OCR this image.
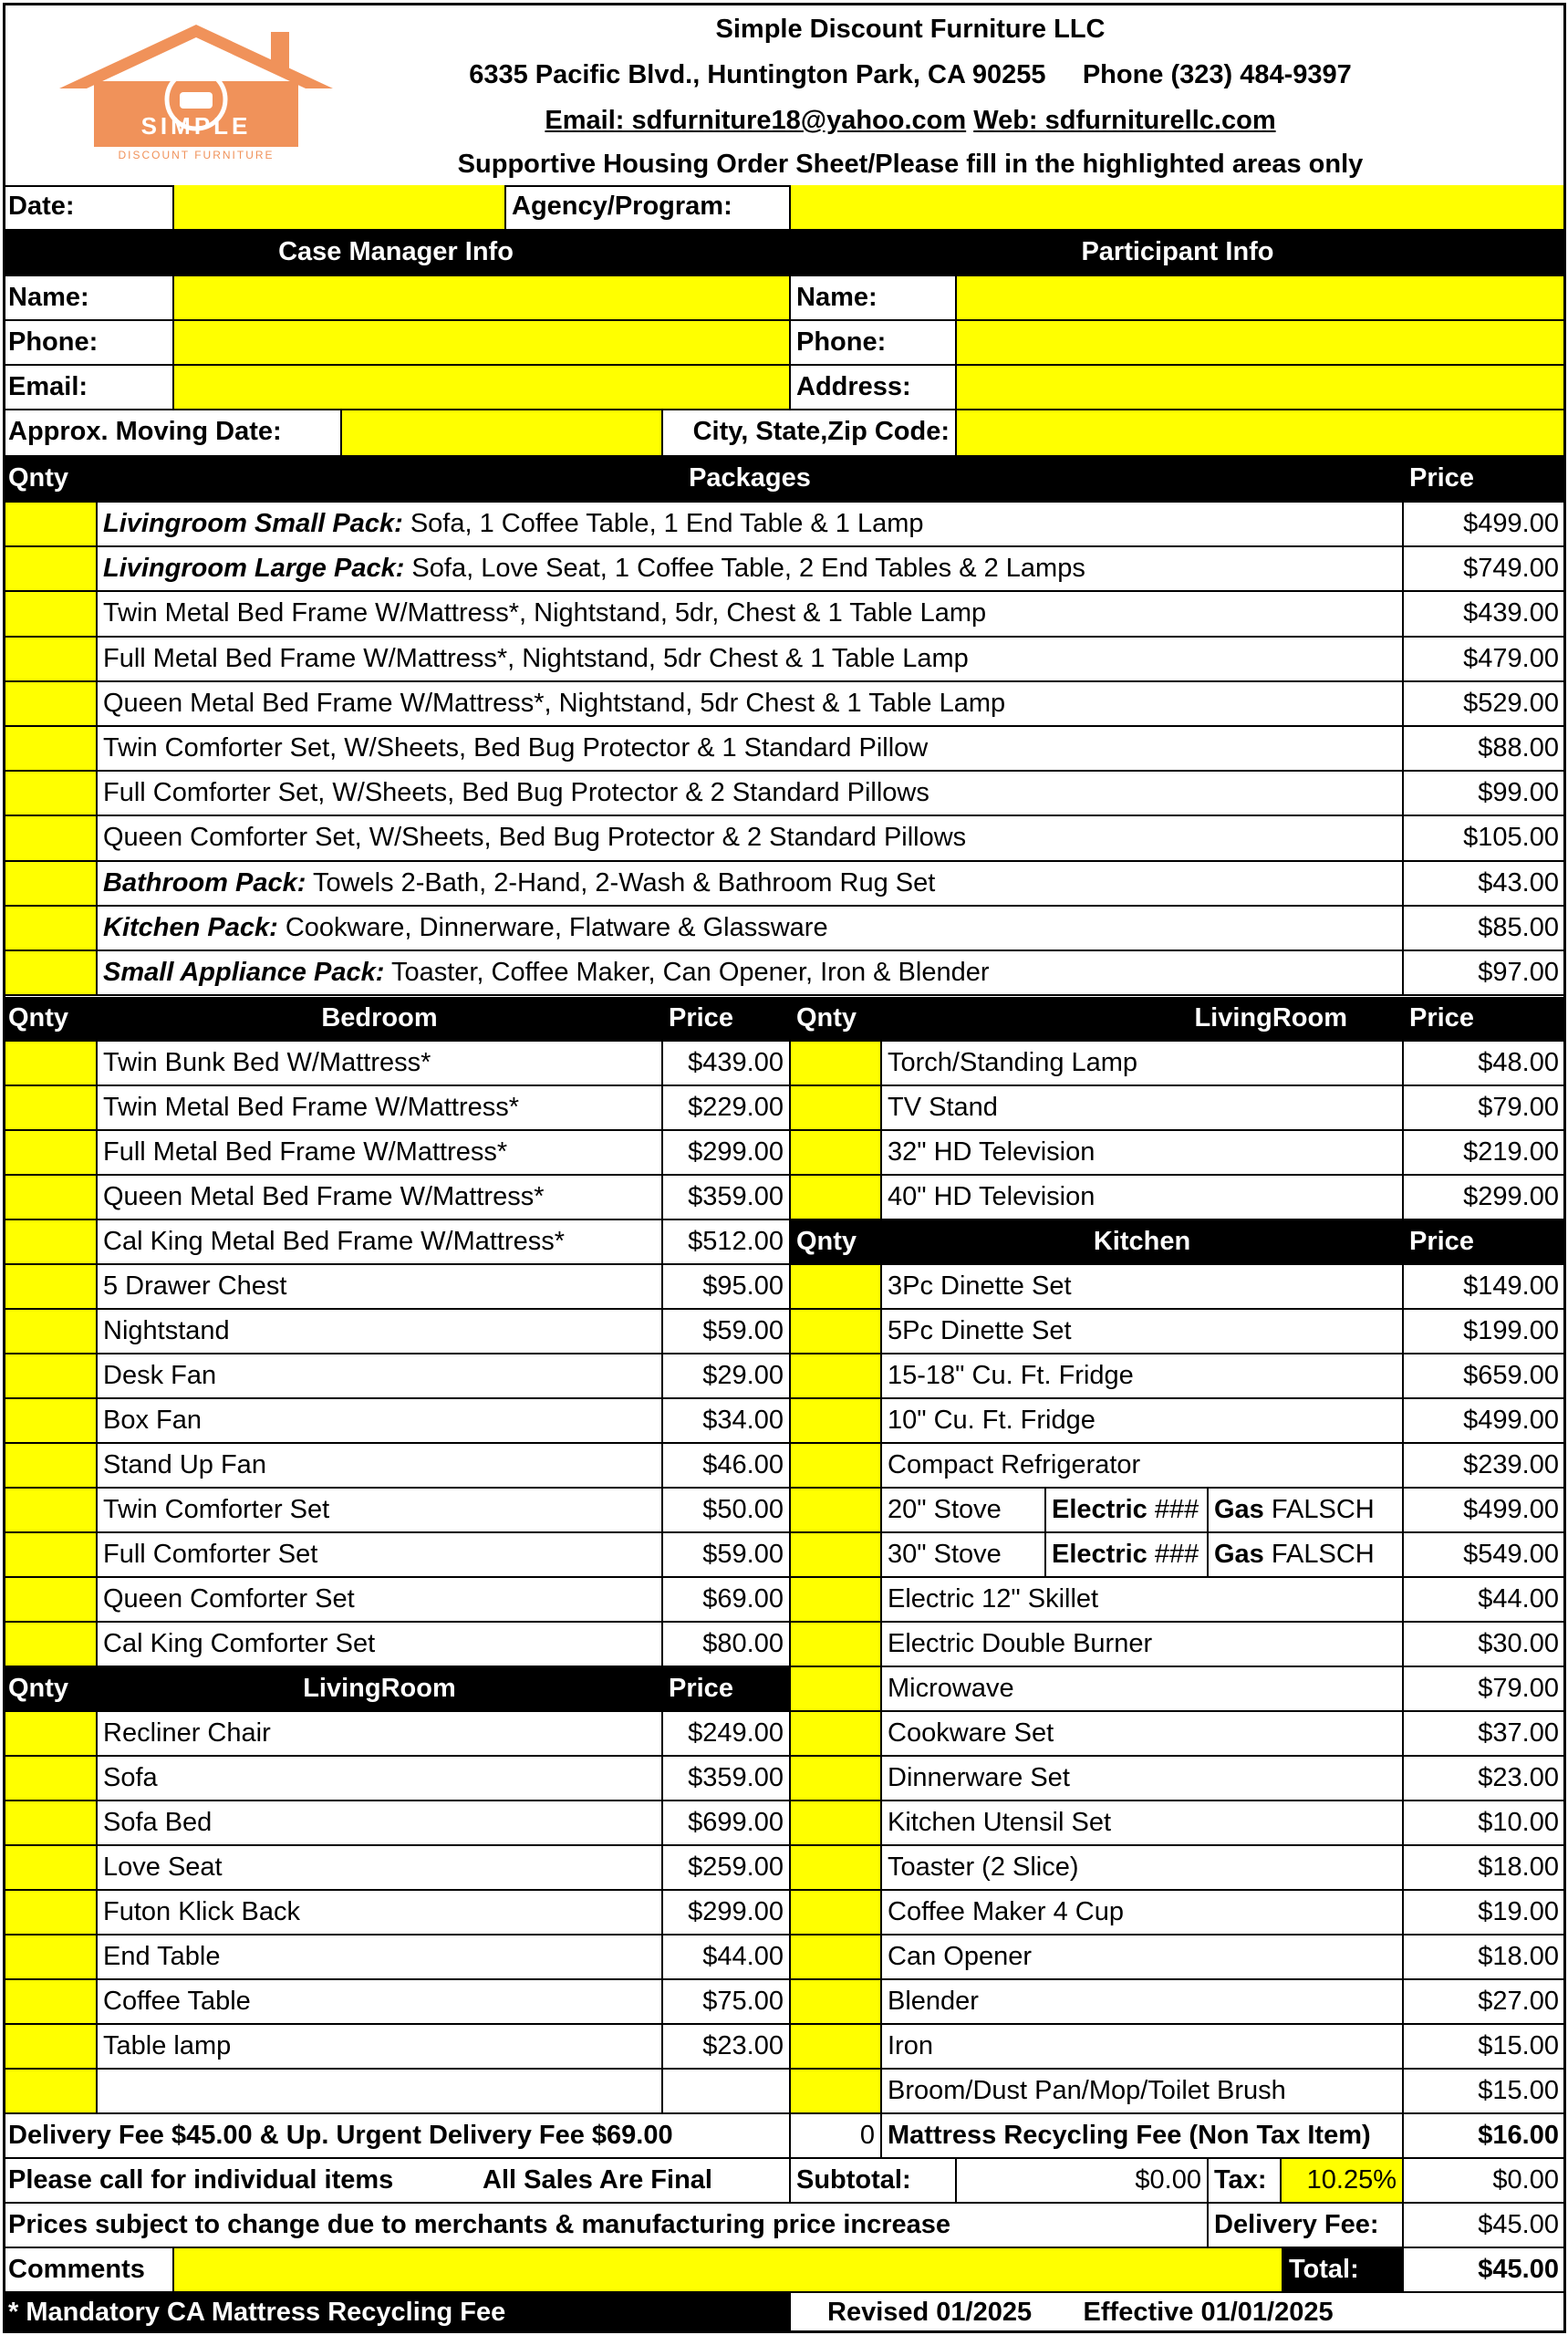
SIMPLE
DISCOUNT FURNITURE
Simple Discount Furniture LLC
6335 Pacific Blvd., Huntington Park, CA 90255 Phone (323) 484-9397
Email: sdfurniture18@yahoo.com Web: sdfurniturellc.com
Supportive Housing Order Sheet/Please fill in the highlighted areas only
Date:	Agency/Program:
Case Manager Info	Participant Info
Name:	Name:
Phone:	Phone:
Email:	Address:
Approx. Moving Date:	City, State,Zip Code:
Qnty	Packages	Price
Livingroom Small Pack: Sofa, 1 Coffee Table, 1 End Table & 1 Lamp	$499.00
Livingroom Large Pack: Sofa, Love Seat, 1 Coffee Table, 2 End Tables & 2 Lamps	$749.00
Twin Metal Bed Frame W/Mattress*, Nightstand, 5dr, Chest & 1 Table Lamp	$439.00
Full Metal Bed Frame W/Mattress*, Nightstand, 5dr Chest & 1 Table Lamp	$479.00
Queen Metal Bed Frame W/Mattress*, Nightstand, 5dr Chest & 1 Table Lamp	$529.00
Twin Comforter Set, W/Sheets, Bed Bug Protector & 1 Standard Pillow	$88.00
Full Comforter Set, W/Sheets, Bed Bug Protector & 2 Standard Pillows	$99.00
Queen Comforter Set, W/Sheets, Bed Bug Protector & 2 Standard Pillows	$105.00
Bathroom Pack: Towels 2-Bath, 2-Hand, 2-Wash & Bathroom Rug Set	$43.00
Kitchen Pack: Cookware, Dinnerware, Flatware & Glassware	$85.00
Small Appliance Pack: Toaster, Coffee Maker, Can Opener, Iron & Blender	$97.00
Qnty	Bedroom	Price	Qnty	LivingRoom	Price
Twin Bunk Bed W/Mattress*	$439.00
Twin Metal Bed Frame W/Mattress*	$229.00
Full Metal Bed Frame W/Mattress*	$299.00
Queen Metal Bed Frame W/Mattress*	$359.00
Cal King Metal Bed Frame W/Mattress*	$512.00
5 Drawer Chest	$95.00
Nightstand	$59.00
Desk Fan	$29.00
Box Fan	$34.00
Stand Up Fan	$46.00
Twin Comforter Set	$50.00
Full Comforter Set	$59.00
Queen Comforter Set	$69.00
Cal King Comforter Set	$80.00
Torch/Standing Lamp	$48.00
TV Stand	$79.00
32" HD Television	$219.00
40" HD Television	$299.00
Qnty	Kitchen	Price
3Pc Dinette Set	$149.00
5Pc Dinette Set	$199.00
15-18" Cu. Ft. Fridge	$659.00
10" Cu. Ft. Fridge	$499.00
Compact Refrigerator	$239.00
20" Stove	Electric ### Gas FALSCH	$499.00
30" Stove	Electric ### Gas FALSCH	$549.00
Electric 12" Skillet	$44.00
Electric Double Burner	$30.00
Microwave	$79.00
Cookware Set	$37.00
Dinnerware Set	$23.00
Kitchen Utensil Set	$10.00
Toaster (2 Slice)	$18.00
Coffee Maker 4 Cup	$19.00
Can Opener	$18.00
Blender	$27.00
Iron	$15.00
Broom/Dust Pan/Mop/Toilet Brush	$15.00
Qnty	LivingRoom	Price
Recliner Chair	$249.00
Sofa	$359.00
Sofa Bed	$699.00
Love Seat	$259.00
Futon Klick Back	$299.00
End Table	$44.00
Coffee Table	$75.00
Table lamp	$23.00
Delivery Fee $45.00 & Up. Urgent Delivery Fee $69.00	0 Mattress Recycling Fee (Non Tax Item)	$16.00
Please call for individual items	All Sales Are Final	Subtotal:	$0.00 Tax:	10.25%	$0.00
Prices subject to change due to merchants & manufacturing price increase	Delivery Fee:	$45.00
Comments	Total:	$45.00
* Mandatory CA Mattress Recycling Fee	Revised 01/2025 Effective 01/01/2025
